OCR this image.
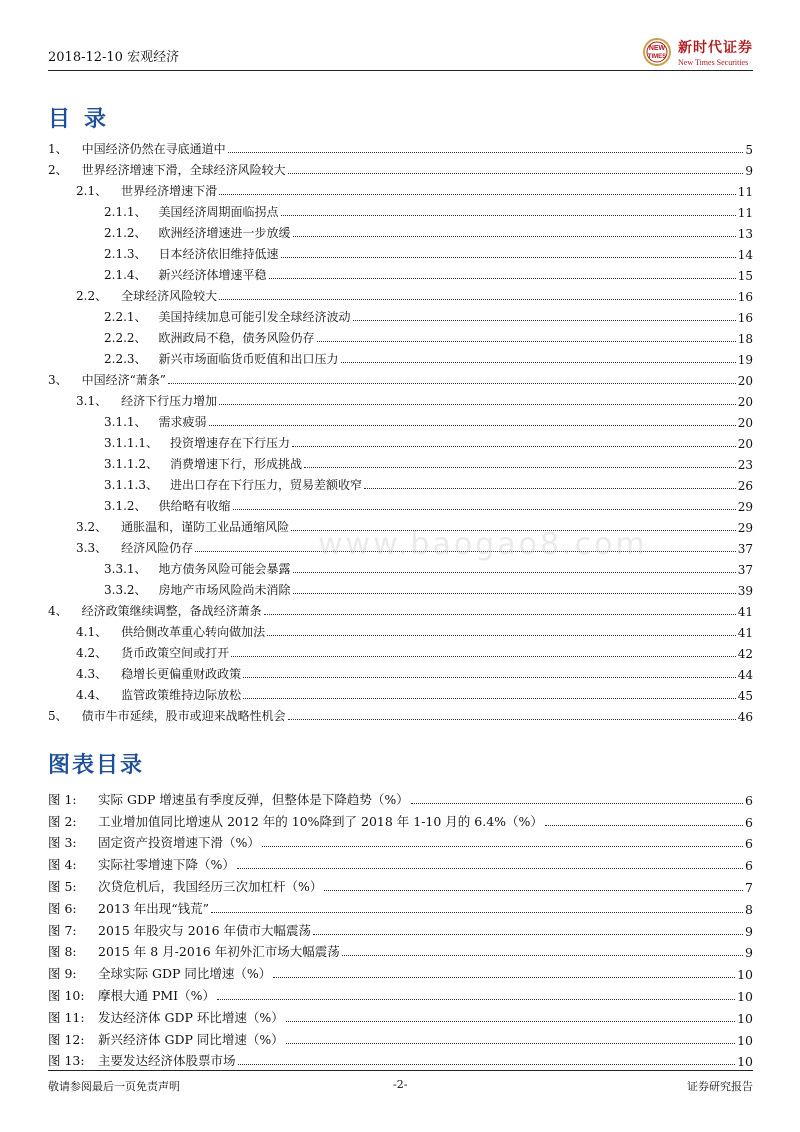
2018-12-10 宏观经济
NEW
TIMES
新时代证券
New Times Securities
目录
1、 中国经济仍然在寻底通道中	5
2、 世界经济增速下滑，全球经济风险较大	9
2.1、 世界经济增速下滑	11
2.1.1、 美国经济周期面临拐点	11
2.1.2、 欧洲经济增速进一步放缓	13
2.1.3、 日本经济依旧维持低速	14
2.1.4、 新兴经济体增速平稳	15
2.2、 全球经济风险较大	16
2.2.1、 美国持续加息可能引发全球经济波动	16
2.2.2、 欧洲政局不稳，债务风险仍存	18
2.2.3、 新兴市场面临货币贬值和出口压力	19
3、 中国经济“萧条”	20
3.1、 经济下行压力增加	20
3.1.1、 需求疲弱	20
3.1.1.1、 投资增速存在下行压力	20
3.1.1.2、 消费增速下行，形成挑战	23
3.1.1.3、 进出口存在下行压力，贸易差额收窄	26
3.1.2、 供给略有收缩	29
3.2、 通胀温和，谨防工业品通缩风险	29
3.3、 经济风险仍存	37
3.3.1、 地方债务风险可能会暴露	37
3.3.2、 房地产市场风险尚未消除	39
4、 经济政策继续调整，备战经济萧条	41
4.1、 供给侧改革重心转向做加法	41
4.2、 货币政策空间或打开	42
4.3、 稳增长更偏重财政政策	44
4.4、 监管政策维持边际放松	45
5、 债市牛市延续，股市或迎来战略性机会	46
www.baogao8.com
图表目录
图 1:	实际 GDP 增速虽有季度反弹，但整体是下降趋势（%）	6
图 2:	工业增加值同比增速从 2012 年的 10%降到了 2018 年 1-10 月的 6.4%（%）	6
图 3:	固定资产投资增速下滑（%）	6
图 4:	实际社零增速下降（%）	6
图 5:	次贷危机后，我国经历三次加杠杆（%）	7
图 6:	2013 年出现“钱荒”	8
图 7:	2015 年股灾与 2016 年债市大幅震荡	9
图 8:	2015 年 8 月-2016 年初外汇市场大幅震荡	9
图 9:	全球实际 GDP 同比增速（%）	10
图 10:	摩根大通 PMI（%）	10
图 11:	发达经济体 GDP 环比增速（%）	10
图 12:	新兴经济体 GDP 同比增速（%）	10
图 13:	主要发达经济体股票市场	10
敬请参阅最后一页免责声明	-2-	证券研究报告
